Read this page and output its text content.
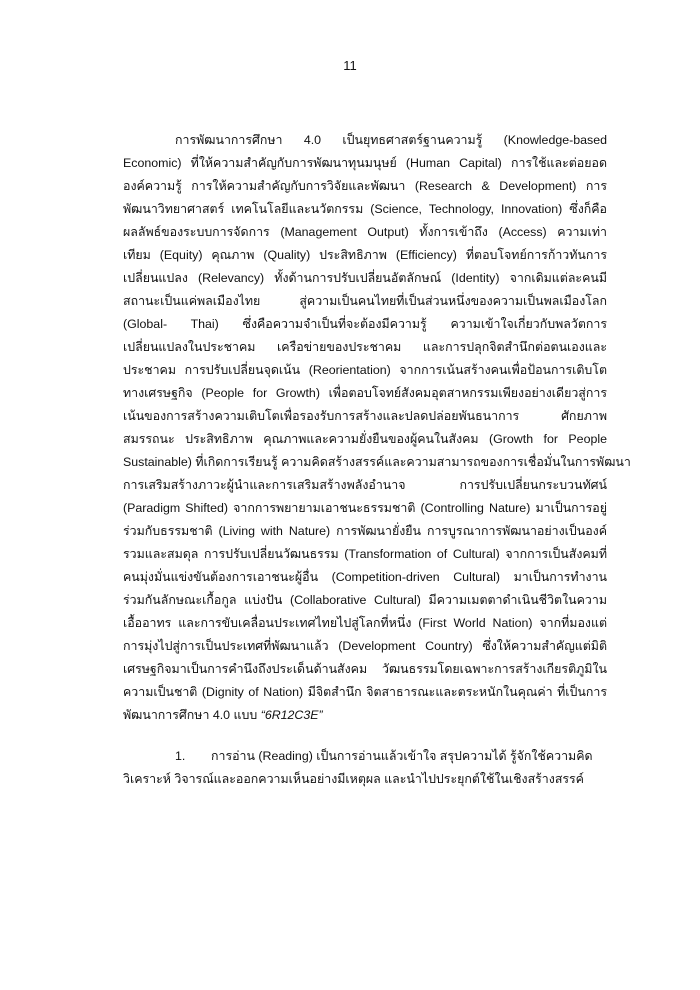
11
การพัฒนาการศึกษา 4.0 เป็นยุทธศาสตร์ฐานความรู้ (Knowledge-based
Economic) ที่ให้ความสำคัญกับการพัฒนาทุนมนุษย์ (Human Capital) การใช้และต่อยอด
องค์ความรู้ การให้ความสำคัญกับการวิจัยและพัฒนา (Research & Development) การ
พัฒนาวิทยาศาสตร์ เทคโนโลยีและนวัตกรรม (Science, Technology, Innovation) ซึ่งก็คือ
ผลลัพธ์ของระบบการจัดการ (Management Output) ทั้งการเข้าถึง (Access) ความเท่า
เทียม (Equity) คุณภาพ (Quality) ประสิทธิภาพ (Efficiency) ที่ตอบโจทย์การก้าวทันการ
เปลี่ยนแปลง (Relevancy) ทั้งด้านการปรับเปลี่ยนอัตลักษณ์ (Identity) จากเดิมแต่ละคนมี
สถานะเป็นแค่พลเมืองไทย สู่ความเป็นคนไทยที่เป็นส่วนหนึ่งของความเป็นพลเมืองโลก
(Global- Thai) ซึ่งคือความจำเป็นที่จะต้องมีความรู้ ความเข้าใจเกี่ยวกับพลวัตการ
เปลี่ยนแปลงในประชาคม เครือข่ายของประชาคม และการปลุกจิตสำนึกต่อตนเองและ
ประชาคม การปรับเปลี่ยนจุดเน้น (Reorientation) จากการเน้นสร้างคนเพื่อป้อนการเติบโต
ทางเศรษฐกิจ (People for Growth) เพื่อตอบโจทย์สังคมอุตสาหกรรมเพียงอย่างเดียวสู่การ
เน้นของการสร้างความเติบโตเพื่อรองรับการสร้างและปลดปล่อยพันธนาการ ศักยภาพ
สมรรถนะ ประสิทธิภาพ คุณภาพและความยั่งยืนของผู้คนในสังคม (Growth for People
Sustainable) ที่เกิดการเรียนรู้ ความคิดสร้างสรรค์และความสามารถของการเชื่อมั่นในการพัฒนา
การเสริมสร้างภาวะผู้นำและการเสริมสร้างพลังอำนาจ การปรับเปลี่ยนกระบวนทัศน์
(Paradigm Shifted) จากการพยายามเอาชนะธรรมชาติ (Controlling Nature) มาเป็นการอยู่
ร่วมกับธรรมชาติ (Living with Nature) การพัฒนายั่งยืน การบูรณาการพัฒนาอย่างเป็นองค์
รวมและสมดุล การปรับเปลี่ยนวัฒนธรรม (Transformation of Cultural) จากการเป็นสังคมที่
คนมุ่งมั่นแข่งขันต้องการเอาชนะผู้อื่น (Competition-driven Cultural) มาเป็นการทำงาน
ร่วมกันลักษณะเกื้อกูล แบ่งปัน (Collaborative Cultural) มีความเมตตาดำเนินชีวิตในความ
เอื้ออาทร และการขับเคลื่อนประเทศไทยไปสู่โลกที่หนึ่ง (First World Nation) จากที่มองแต่
การมุ่งไปสู่การเป็นประเทศที่พัฒนาแล้ว (Development Country) ซึ่งให้ความสำคัญแต่มิติ
เศรษฐกิจมาเป็นการคำนึงถึงประเด็นด้านสังคม วัฒนธรรมโดยเฉพาะการสร้างเกียรติภูมิใน
ความเป็นชาติ (Dignity of Nation) มีจิตสำนึก จิตสาธารณะและตระหนักในคุณค่า ที่เป็นการ
พัฒนาการศึกษา 4.0 แบบ “6R12C3E”
1. การอ่าน (Reading) เป็นการอ่านแล้วเข้าใจ สรุปความได้ รู้จักใช้ความคิด
วิเคราะห์ วิจารณ์และออกความเห็นอย่างมีเหตุผล และนำไปประยุกต์ใช้ในเชิงสร้างสรรค์
